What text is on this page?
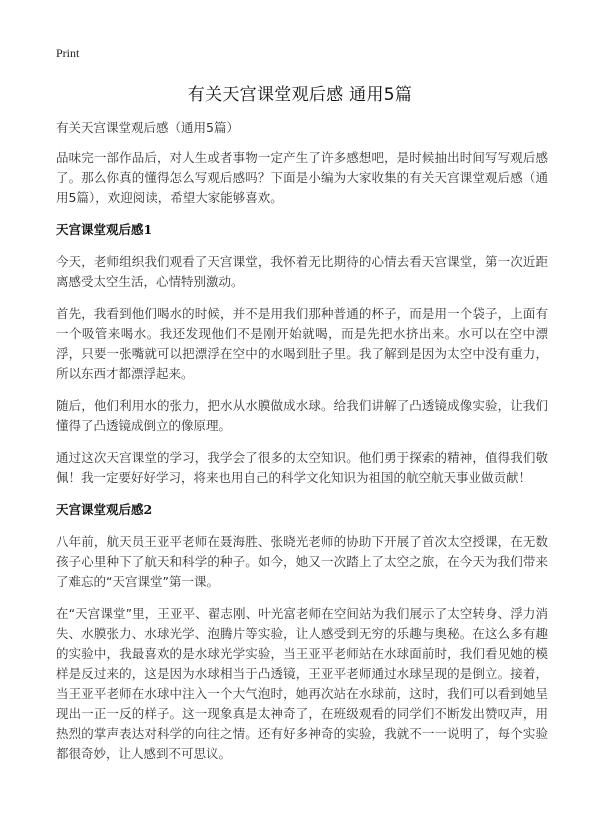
Print
有关天宫课堂观后感 通用5篇

有关天宫课堂观后感（通用5篇）

品味完一部作品后，对人生或者事物一定产生了许多感想吧，是时候抽出时间写写观后感了。那么你真的懂得怎么写观后感吗？下面是小编为大家收集的有关天宫课堂观后感（通用5篇），欢迎阅读，希望大家能够喜欢。

天宫课堂观后感1

今天，老师组织我们观看了天宫课堂，我怀着无比期待的心情去看天宫课堂，第一次近距离感受太空生活，心情特别激动。

首先，我看到他们喝水的时候，并不是用我们那种普通的杯子，而是用一个袋子，上面有一个吸管来喝水。我还发现他们不是刚开始就喝，而是先把水挤出来。水可以在空中漂浮，只要一张嘴就可以把漂浮在空中的水喝到肚子里。我了解到是因为太空中没有重力，所以东西才都漂浮起来。

随后，他们利用水的张力，把水从水膜做成水球。给我们讲解了凸透镜成像实验，让我们懂得了凸透镜成倒立的像原理。

通过这次天宫课堂的学习，我学会了很多的太空知识。他们勇于探索的精神，值得我们敬佩！我一定要好好学习，将来也用自己的科学文化知识为祖国的航空航天事业做贡献！

天宫课堂观后感2

八年前，航天员王亚平老师在聂海胜、张晓光老师的协助下开展了首次太空授课，在无数孩子心里种下了航天和科学的种子。如今，她又一次踏上了太空之旅，在今天为我们带来了难忘的“天宫课堂”第一课。

在“天宫课堂”里，王亚平、翟志刚、叶光富老师在空间站为我们展示了太空转身、浮力消失、水膜张力、水球光学、泡腾片等实验，让人感受到无穷的乐趣与奥秘。在这么多有趣的实验中，我最喜欢的是水球光学实验，当王亚平老师站在水球面前时，我们看见她的模样是反过来的，这是因为水球相当于凸透镜，王亚平老师通过水球呈现的是倒立。接着，当王亚平老师在水球中注入一个大气泡时，她再次站在水球前，这时，我们可以看到她呈现出一正一反的样子。这一现象真是太神奇了，在班级观看的同学们不断发出赞叹声，用热烈的掌声表达对科学的向往之情。还有好多神奇的实验，我就不一一说明了，每个实验都很奇妙，让人感到不可思议。
